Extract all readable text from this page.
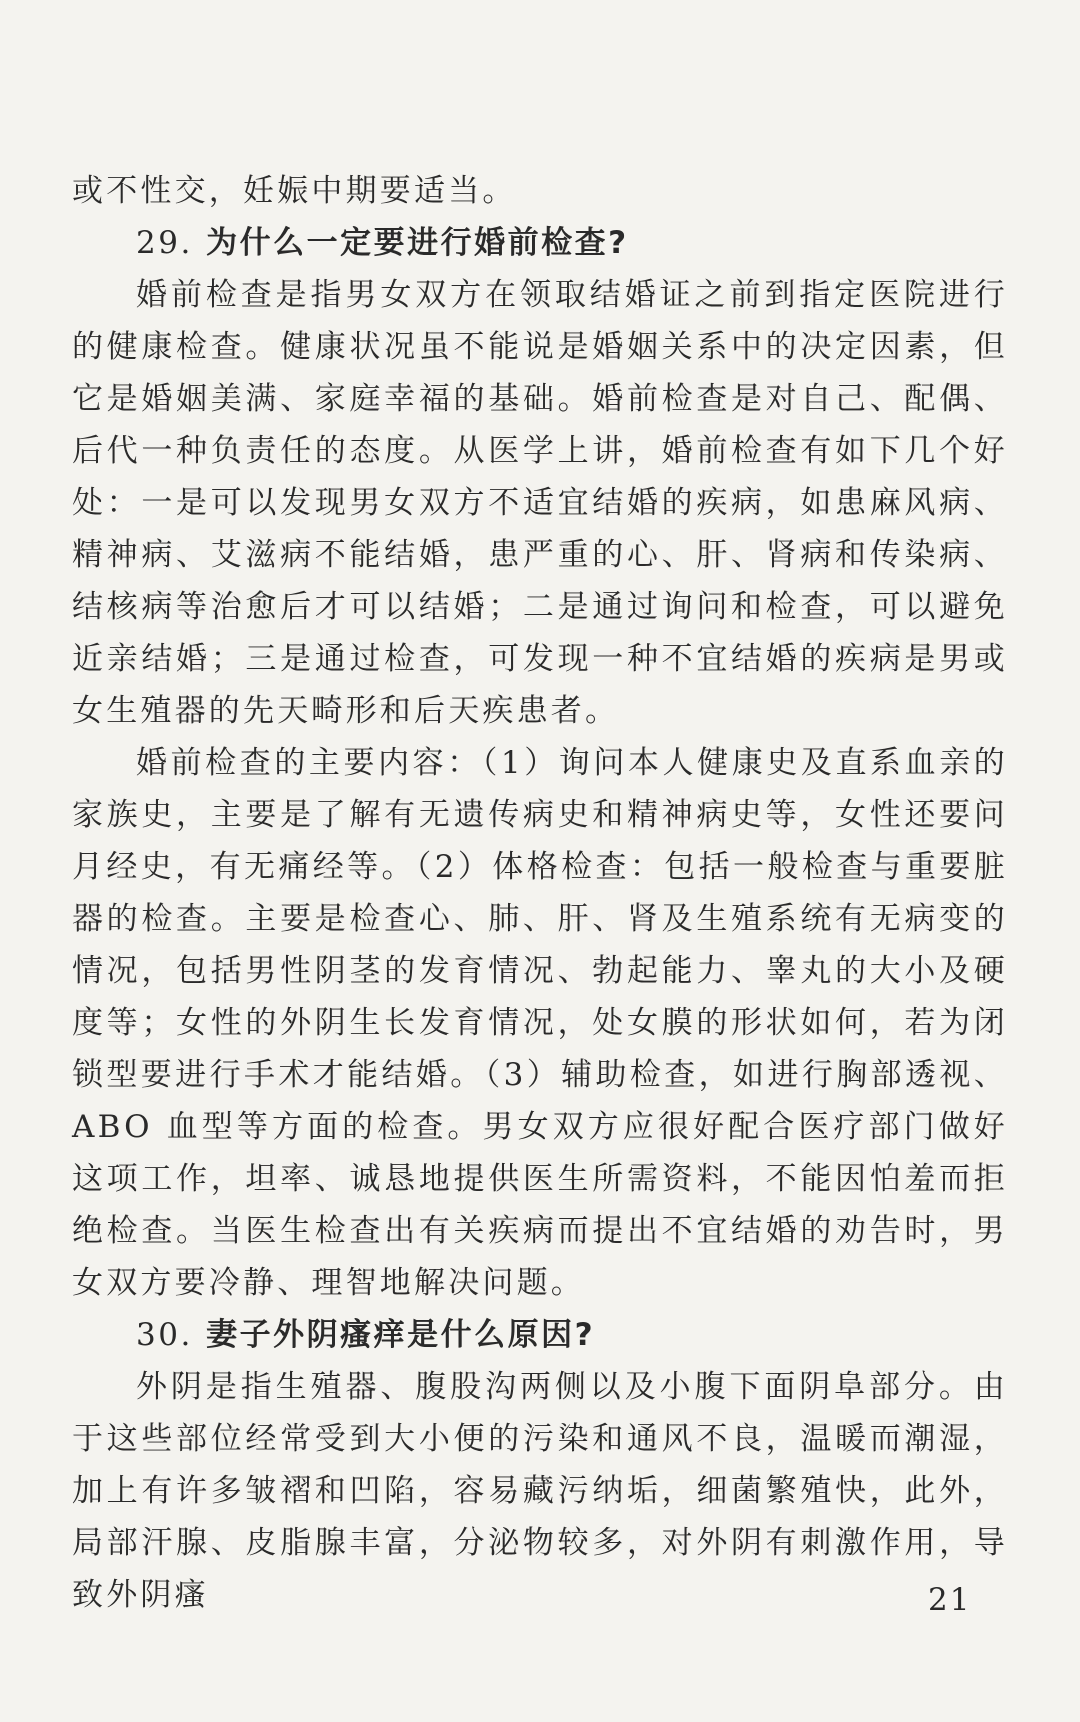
或不性交，妊娠中期要适当。

29. 为什么一定要进行婚前检查?

婚前检查是指男女双方在领取结婚证之前到指定医院进行的健康检查。健康状况虽不能说是婚姻关系中的决定因素，但它是婚姻美满、家庭幸福的基础。婚前检查是对自己、配偶、后代一种负责任的态度。从医学上讲，婚前检查有如下几个好处：一是可以发现男女双方不适宜结婚的疾病，如患麻风病、精神病、艾滋病不能结婚，患严重的心、肝、肾病和传染病、结核病等治愈后才可以结婚；二是通过询问和检查，可以避免近亲结婚；三是通过检查，可发现一种不宜结婚的疾病是男或女生殖器的先天畸形和后天疾患者。

婚前检查的主要内容：（1）询问本人健康史及直系血亲的家族史，主要是了解有无遗传病史和精神病史等，女性还要问月经史，有无痛经等。（2）体格检查：包括一般检查与重要脏器的检查。主要是检查心、肺、肝、肾及生殖系统有无病变的情况，包括男性阴茎的发育情况、勃起能力、睾丸的大小及硬度等；女性的外阴生长发育情况，处女膜的形状如何，若为闭锁型要进行手术才能结婚。（3）辅助检查，如进行胸部透视、ABO 血型等方面的检查。男女双方应很好配合医疗部门做好这项工作，坦率、诚恳地提供医生所需资料，不能因怕羞而拒绝检查。当医生检查出有关疾病而提出不宜结婚的劝告时，男女双方要冷静、理智地解决问题。

30. 妻子外阴瘙痒是什么原因?

外阴是指生殖器、腹股沟两侧以及小腹下面阴阜部分。由于这些部位经常受到大小便的污染和通风不良，温暖而潮湿，加上有许多皱褶和凹陷，容易藏污纳垢，细菌繁殖快，此外，局部汗腺、皮脂腺丰富，分泌物较多，对外阴有刺激作用，导致外阴瘙	21
